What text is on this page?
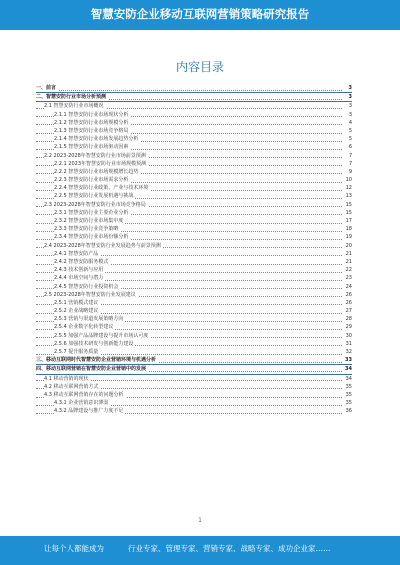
智慧安防企业移动互联网营销策略研究报告
内容目录
一、前言	3
二、智慧安防行业市场分析预测	3
2.1 智慧安防行业市场概况	3
2.1.1 智慧安防行业市场现状分析	3
2.1.2 智慧安防行业市场规模分析	4
2.1.3 智慧安防行业市场竞争格局	5
2.1.4 智慧安防行业市场发展趋势分析	5
2.1.5 智慧安防行业市场驱动因素	6
2.2 2023-2028年智慧安防行业市场前景预测	7
2.2.1 2023年智慧安防行业市场规模预测	7
2.2.2 智慧安防行业市场规模增长趋势	9
2.2.3 智慧安防行业市场需求分析	10
2.2.4 智慧安防行业政策、产业与技术环境	12
2.2.5 智慧安防行业发展机遇与挑战	13
2.3 2023-2028年智慧安防行业市场竞争格局	15
2.3.1 智慧安防行业主要企业分析	15
2.3.2 智慧安防行业市场集中度	17
2.3.3 智慧安防行业竞争策略	18
2.3.4 智慧安防行业市场份额分析	19
2.4 2023-2028年智慧安防行业发展趋势与前景预测	20
2.4.1 智慧安防产品	21
2.4.2 智慧安防服务模式	21
2.4.3 技术创新与应用	22
2.4.4 市场空间与潜力	23
2.4.5 智慧安防行业投资机会	24
2.5 2023-2028年智慧安防行业发展建议	26
2.5.1 营销模式建议	26
2.5.2 企业战略建议	27
2.5.3 营销与渠道发展策略方向	28
2.5.4 企业数字化转型建议	29
2.5.5 加强产品品牌建设与提升市场认可度	30
2.5.6 加强技术研发与创新能力建设	31
2.5.7 提升服务质量	32
三、移动互联网时代智慧安防企业营销环境与机遇分析	33
四、移动互联网营销在智慧安防企业营销中的发展	34
4.1 移动营销的现状	34
4.2 移动互联网营销方式	35
4.3 移动互联网营销存在的问题分析	35
4.3.1 企业营销意识薄弱	35
4.3.2 品牌建设与推广力度不足	36
1
让每个人都能成为	行业专家、管理专家、营销专家、战略专家、成功企业家……
